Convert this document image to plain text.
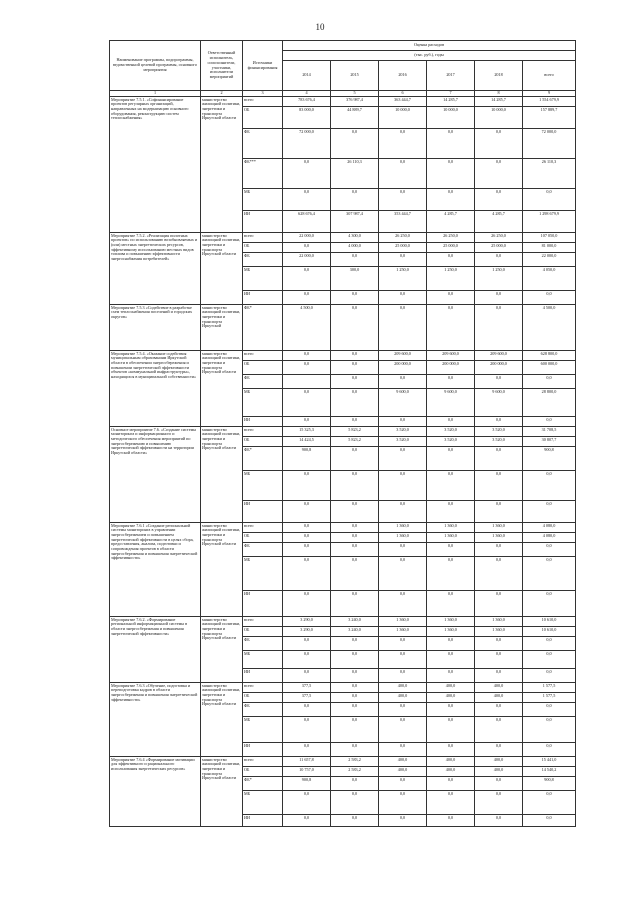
10
Наименование программы, подпрограммы, ведомственной целевой программы, основного мероприятия	Ответственный исполнитель, соисполнители, участники, исполнители мероприятий	Источники финансирования	Оценка расходов					
			(тыс. руб.), годы					
			2014	2015	2016	2017	2018	всего
1	2	3	4	5	6	7	8	9
Мероприятие 7.5.1. «Софинансирование проектов регулярных организаций, направленных на модернизацию основного оборудования, реконструкцию систем теплоснабжения»	министерство жилищной политики, энергетики и транспорта Иркутской области	всего	783 676,4	376 987,4	363 444,7	14 285,7	14 285,7	1 554 679,9
		ОБ	83 000,0	44 889,7	10 000,0	10 000,0	10 000,0	157 889,7
		ФБ	72 000,0	0,0	0,0	0,0	0,0	72 000,0
		ФБ***	0,0	26 110,3	0,0	0,0	0,0	26 110,3
		МБ	0,0	0,0	0,0	0,0	0,0	0,0
		ИИ	628 676,4	307 987,4	353 444,7	4 285,7	4 285,7	1 298 679,9
Мероприятие 7.5.2. «Реализация пилотных проектов» по использованию возобновляемых и (или) местных энергетических ресурсов, эффективному использованию местных видов топлива и повышению эффективности энергоснабжения потребителей»	министерство жилищной политики, энергетики и транспорта Иркутской области	всего	22 000,0	4 300,0	26 250,0	26 250,0	26 250,0	107 050,0
		ОБ	0,0	4 000,0	25 000,0	25 000,0	25 000,0	81 000,0
		ФБ	22 000,0	0,0	0,0	0,0	0,0	22 000,0
		МБ	0,0	300,0	1 250,0	1 250,0	1 250,0	4 050,0
		ИИ	0,0	0,0	0,0	0,0	0,0	0,0
Мероприятие 7.5.3 «Содействие в разработке схем теплоснабжения поселений и городских округов»	министерство жилищной политики, энергетики и транспорта Иркутской	ФБ*	4 500,0	0,0	0,0	0,0	0,0	4 500,0
Мероприятие 7.5.4. «Оказание содействия муниципальным образованиям Иркутской области в обеспечении энергосбережения и повышении энергетической эффективности объектов «коммунальной инфраструктуры», находящихся в муниципальной собственности»	министерство жилищной политики, энергетики и транспорта Иркутской области	всего	0,0	0,0	209 600,0	209 600,0	209 600,0	628 800,0
		ОБ	0,0	0,0	200 000,0	200 000,0	200 000,0	600 000,0
		ФБ		0,0	0,0	0,0	0,0	0,0
		МБ	0,0	0,0	9 600,0	9 600,0	9 600,0	28 800,0
		ИИ	0,0	0,0	0,0	0,0	0,0	0,0
Основное мероприятие 7.6. «Создание системы мониторинга и информационного и методического обеспечения мероприятий по энергосбережению и повышению энергетической эффективности на территории Иркутской области»	министерство жилищной политики, энергетики и транспорта Иркутской области	всего	15 325,3	5 823,2	3 520,0	3 520,0	3 520,0	31 708,5
		ОБ	14 424,5	5 823,2	3 520,0	3 520,0	3 520,0	30 807,7
		ФБ*	900,8	0,0	0,0	0,0	0,0	900,8
		МБ	0,0	0,0	0,0	0,0	0,0	0,0
		ИИ	0,0	0,0	0,0	0,0	0,0	0,0
Мероприятие 7.6.1 «Создание региональной системы мониторинга в управлении энергосбережением и повышением энергетической эффективности в целях сбора, предоставления, анализа, подготовки и сопровождения проектов в области энергосбережения и повышения энергетической эффективности»	министерство жилищной политики, энергетики и транспорта Иркутской области	всего	0,0	0,0	1 360,0	1 360,0	1 360,0	4 080,0
		ОБ	0,0	0,0	1 360,0	1 360,0	1 360,0	4 080,0
		ФБ	0,0	0,0	0,0	0,0	0,0	0,0
		МБ	0,0	0,0	0,0	0,0	0,0	0,0
		ИИ	0,0	0,0	0,0	0,0	0,0	0,0
Мероприятие 7.6.2. «Формирование региональной информационной системы в области энергосбережения и повышения энергетической эффективности»	министерство жилищной политики, энергетики и транспорта Иркутской области	всего	3 290,0	3 240,0	1 360,0	1 360,0	1 360,0	10 610,0
		ОБ	3 290,0	3 240,0	1 360,0	1 360,0	1 360,0	10 610,0
		ФБ	0,0	0,0	0,0	0,0	0,0	0,0
		МБ	0,0	0,0	0,0	0,0	0,0	0,0
		ИИ	0,0	0,0	0,0	0,0	0,0	0,0
Мероприятие 7.6.3 «Обучение, подготовка и переподготовка кадров в области энергосбережения и повышения энергетической эффективности»	министерство жилищной политики, энергетики и транспорта Иркутской области	всего	377,5	0,0	400,0	400,0	400,0	1 577,5
		ОБ	377,5	0,0	400,0	400,0	400,0	1 577,5
		ФБ	0,0	0,0	0,0	0,0	0,0	0,0
		МБ	0,0	0,0	0,0	0,0	0,0	0,0
		ИИ	0,0	0,0	0,0	0,0	0,0	0,0
Мероприятие 7.6.4 «Формирование мотивации для эффективного и рационального использования энергетических ресурсов»	министерство жилищной политики, энергетики и транспорта Иркутской области	всего	11 657,8	2 583,2	400,0	400,0	400,0	15 441,0
		ОБ	10 757,0	2 583,2	400,0	400,0	400,0	14 540,2
		ФБ*	900,8	0,0	0,0	0,0	0,0	900,8
		МБ	0,0	0,0	0,0	0,0	0,0	0,0
		ИИ	0,0	0,0	0,0	0,0	0,0	0,0
